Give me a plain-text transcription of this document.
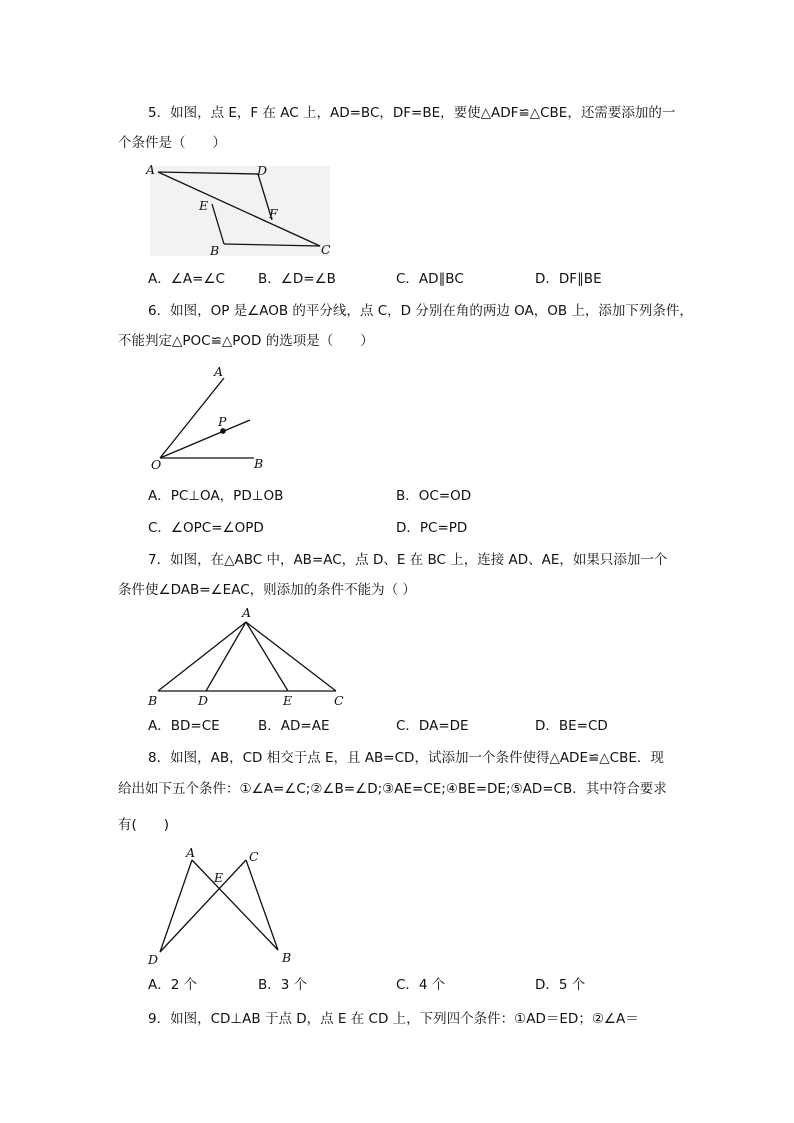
5．如图，点 E，F 在 AC 上，AD=BC，DF=BE，要使△ADF≌△CBE，还需要添加的一
个条件是（　　）
A	D
E
F
B	C
A．∠A=∠C B．∠D=∠B	C．AD∥BC	D．DF∥BE
6．如图，OP 是∠AOB 的平分线，点 C，D 分别在角的两边 OA，OB 上，添加下列条件，
不能判定△POC≌△POD 的选项是（　　）
A
P
O	B
A．PC⊥OA，PD⊥OB	B．OC=OD
C．∠OPC=∠OPD	D．PC=PD
7．如图，在△ABC 中，AB=AC，点 D、E 在 BC 上，连接 AD、AE，如果只添加一个
条件使∠DAB=∠EAC，则添加的条件不能为（ ）
A
B	D	E	C
A．BD=CE	B．AD=AE	C．DA=DE	D．BE=CD
8．如图，AB，CD 相交于点 E，且 AB=CD，试添加一个条件使得△ADE≌△CBE．现
给出如下五个条件：①∠A=∠C;②∠B=∠D;③AE=CE;④BE=DE;⑤AD=CB．其中符合要求
有(　　)
A	C
E
D	B
A．2 个	B．3 个	C．4 个	D．5 个
9．如图，CD⊥AB 于点 D，点 E 在 CD 上，下列四个条件：①AD＝ED；②∠A＝
